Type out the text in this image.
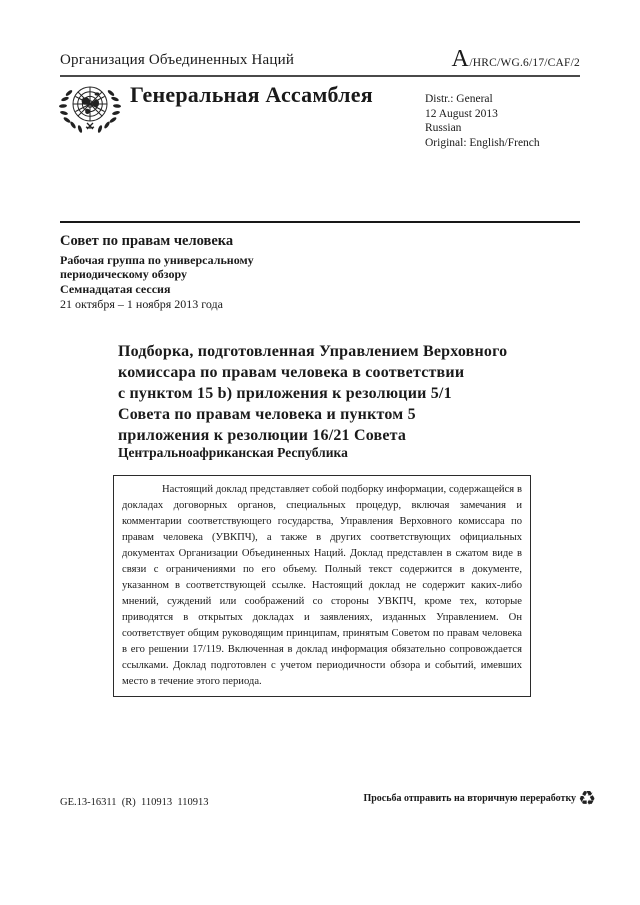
Организация Объединенных Наций	A/HRC/WG.6/17/CAF/2
Генеральная Ассамблея	Distr.: General
12 August 2013
Russian
Original: English/French
Совет по правам человека
Рабочая группа по универсальному
периодическому обзору
Семнадцатая сессия
21 октября – 1 ноября 2013 года
Подборка, подготовленная Управлением Верховного
комиссара по правам человека в соответствии
с пунктом 15 b) приложения к резолюции 5/1
Совета по правам человека и пунктом 5
приложения к резолюции 16/21 Совета
Центральноафриканская Республика
Настоящий доклад представляет собой подборку информации, содержащейся в докладах договорных органов, специальных процедур, включая замечания и комментарии соответствующего государства, Управления Верховного комиссара по правам человека (УВКПЧ), а также в других соответствующих официальных документах Организации Объединенных Наций. Доклад представлен в сжатом виде в связи с ограничениями по его объему. Полный текст содержится в документе, указанном в соответствующей ссылке. Настоящий доклад не содержит каких-либо мнений, суждений или соображений со стороны УВКПЧ, кроме тех, которые приводятся в открытых докладах и заявлениях, изданных Управлением. Он соответствует общим руководящим принципам, принятым Советом по правам человека в его решении 17/119. Включенная в доклад информация обязательно сопровождается ссылками. Доклад подготовлен с учетом периодичности обзора и событий, имевших место в течение этого периода.
GE.13-16311  (R)  110913  110913	Просьба отправить на вторичную переработку ♻
